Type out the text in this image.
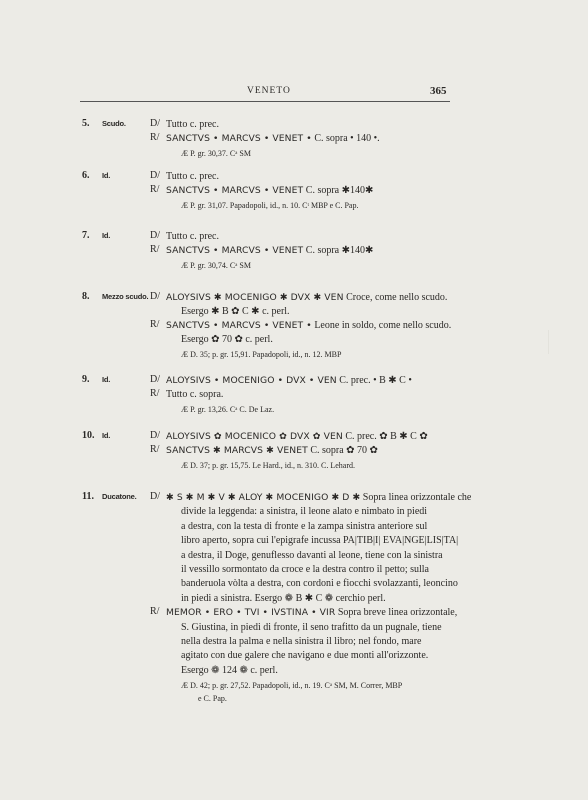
VENETO	365
5. Scudo. D/ Tutto c. prec.
R/ SANCTVS • MARCVS • VENET • C. sopra • 140 •.
Æ P. gr. 30,37. Cᵃ SM
6. Id.	D/ Tutto c. prec.
R/ SANCTVS • MARCVS • VENET C. sopra ✱140✱
Æ P. gr. 31,07. Papadopoli, id., n. 10. Cᵗ MBP e C. Pap.
7. Id.	D/ Tutto c. prec.
R/ SANCTVS • MARCVS • VENET C. sopra ✱140✱
Æ P. gr. 30,74. Cᵃ SM
8. Mezzo scudo. D/ ALOYSIVS ✱ MOCENIGO ✱ DVX ✱ VEN Croce, come nello scudo.
Esergo ✱ B ✿ C ✱ c. perl.
R/ SANCTVS • MARCVS • VENET • Leone in soldo, come nello scudo.
Esergo ✿ 70 ✿ c. perl.
Æ D. 35; p. gr. 15,91. Papadopoli, id., n. 12. MBP
9. Id.	D/ ALOYSIVS • MOCENIGO • DVX • VEN C. prec. • B ✱ C •
R/ Tutto c. sopra.
Æ P. gr. 13,26. Cᵃ C. De Laz.
10. Id.	D/ ALOYSIVS ✿ MOCENICO ✿ DVX ✿ VEN C. prec. ✿ B ✱ C ✿
R/ SANCTVS ✱ MARCVS ✱ VENET C. sopra ✿ 70 ✿
Æ D. 37; p. gr. 15,75. Le Hard., id., n. 310. C. Lehard.
11. Ducatone. D/ ✱ S ✱ M ✱ V ✱ ALOY ✱ MOCENIGO ✱ D ✱ Sopra linea orizzontale che
divide la leggenda: a sinistra, il leone alato e nimbato in piedi
a destra, con la testa di fronte e la zampa sinistra anteriore sul
libro aperto, sopra cui l'epigrafe incussa PA|TIB|I| EVA|NGE|LIS|TA|
a destra, il Doge, genuflesso davanti al leone, tiene con la sinistra
il vessillo sormontato da croce e la destra contro il petto; sulla
banderuola vòlta a destra, con cordoni e fiocchi svolazzanti, leoncino
in piedi a sinistra. Esergo ❁ B ✱ C ❁ cerchio perl.
R/ MEMOR • ERO • TVI • IVSTINA • VIR Sopra breve linea orizzontale,
S. Giustina, in piedi di fronte, il seno trafitto da un pugnale, tiene
nella destra la palma e nella sinistra il libro; nel fondo, mare
agitato con due galere che navigano e due monti all'orizzonte.
Esergo ❁ 124 ❁ c. perl.
Æ D. 42; p. gr. 27,52. Papadopoli, id., n. 19. Cᵃ SM, M. Correr, MBP
e C. Pap.
